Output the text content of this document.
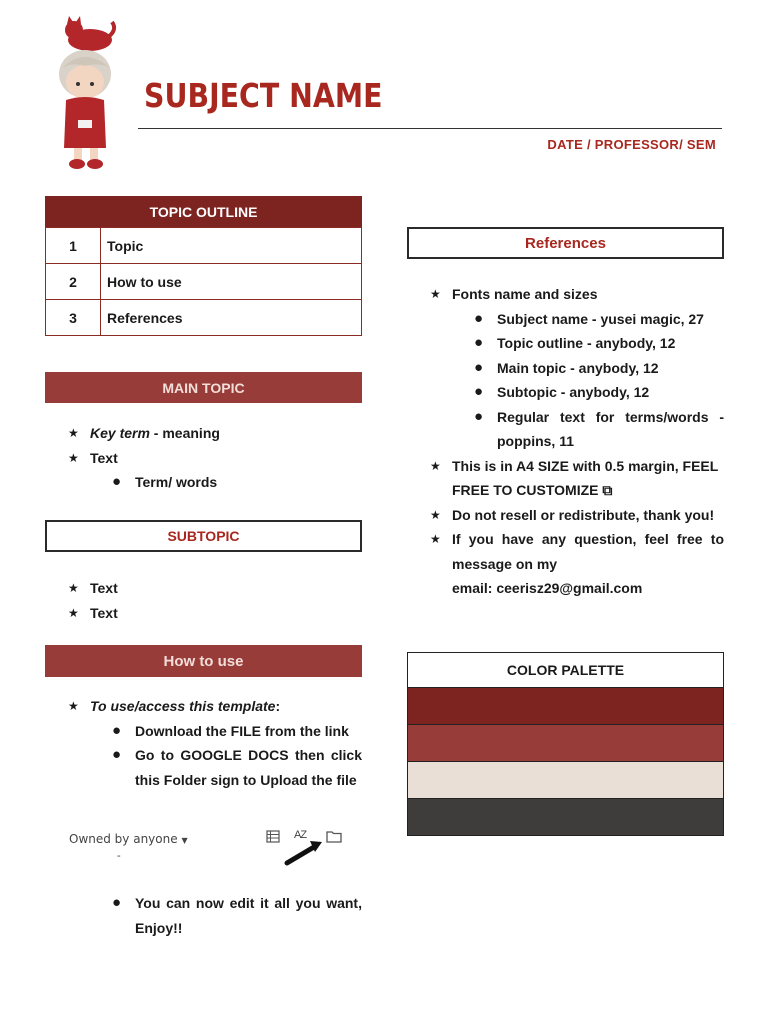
SUBJECT NAME
DATE / PROFESSOR/ SEM
TOPIC OUTLINE
1	Topic
2	How to use
3	References
MAIN TOPIC
★ Key term - meaning
★ Text
● Term/ words
SUBTOPIC
★ Text
★ Text
How to use
★ To use/access this template:
● Download the FILE from the link
● Go to GOOGLE DOCS then click this Folder sign to Upload the file
Owned by anyone ▼
-
AZ
● You can now edit it all you want, Enjoy!!
References
★ Fonts name and sizes
● Subject name - yusei magic, 27
● Topic outline - anybody, 12
● Main topic - anybody, 12
● Subtopic - anybody, 12
● Regular text for terms/words - poppins, 11
★ This is in A4 SIZE with 0.5 margin, FEEL FREE TO CUSTOMIZE ⧉
★ Do not resell or redistribute, thank you!
★ If you have any question, feel free to message on my
email: ceerisz29@gmail.com
COLOR PALETTE
